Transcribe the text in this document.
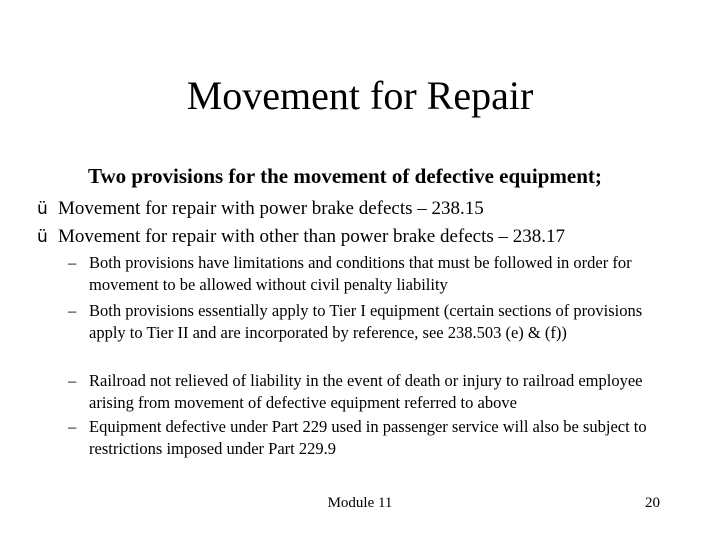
Movement for Repair
Two provisions for the movement of defective equipment;
ü Movement for repair with power brake defects – 238.15
ü Movement for repair with other than power brake defects – 238.17
– Both provisions have limitations and conditions that must be followed in order for movement to be allowed without civil penalty liability
– Both provisions essentially apply to Tier I equipment (certain sections of provisions apply to Tier II and are incorporated by reference, see 238.503 (e) & (f))
– Railroad not relieved of liability in the event of death or injury to railroad employee arising from movement of defective equipment referred to above
– Equipment defective under Part 229 used in passenger service will also be subject to restrictions imposed under Part 229.9
Module 11	20
